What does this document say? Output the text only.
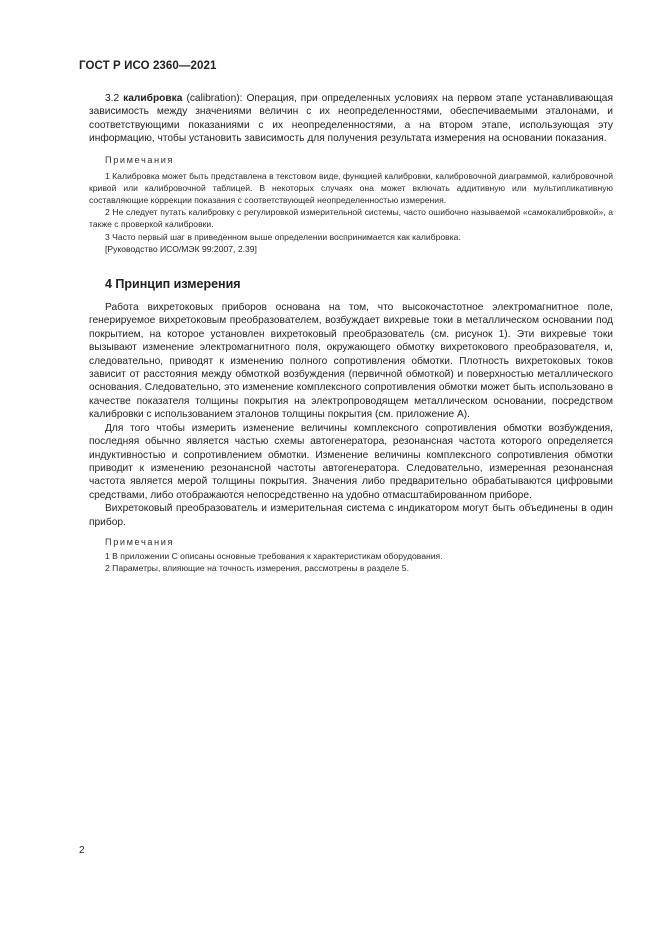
ГОСТ Р ИСО 2360—2021

3.2 калибровка (calibration): Операция, при определенных условиях на первом этапе устанавливающая зависимость между значениями величин с их неопределенностями, обеспечиваемыми эталонами, и соответствующими показаниями с их неопределенностями, а на втором этапе, использующая эту информацию, чтобы установить зависимость для получения результата измерения на основании показания.

Примечания

1 Калибровка может быть представлена в текстовом виде, функцией калибровки, калибровочной диаграммой, калибровочной кривой или калибровочной таблицей. В некоторых случаях она может включать аддитивную или мультипликативную составляющие коррекции показания с соответствующей неопределенностью измерения.

2 Не следует путать калибровку с регулировкой измерительной системы, часто ошибочно называемой «самокалибровкой», а также с проверкой калибровки.

3 Часто первый шаг в приведенном выше определении воспринимается как калибровка.

[Руководство ИСО/МЭК 99:2007, 2.39]

4 Принцип измерения

Работа вихретоковых приборов основана на том, что высокочастотное электромагнитное поле, генерируемое вихретоковым преобразователем, возбуждает вихревые токи в металлическом основании под покрытием, на которое установлен вихретоковый преобразователь (см. рисунок 1). Эти вихревые токи вызывают изменение электромагнитного поля, окружающего обмотку вихретокового преобразователя, и, следовательно, приводят к изменению полного сопротивления обмотки. Плотность вихретоковых токов зависит от расстояния между обмоткой возбуждения (первичной обмоткой) и поверхностью металлического основания. Следовательно, это изменение комплексного сопротивления обмотки может быть использовано в качестве показателя толщины покрытия на электропроводящем металлическом основании, посредством калибровки с использованием эталонов толщины покрытия (см. приложение А).

Для того чтобы измерить изменение величины комплексного сопротивления обмотки возбуждения, последняя обычно является частью схемы автогенератора, резонансная частота которого определяется индуктивностью и сопротивлением обмотки. Изменение величины комплексного сопротивления обмотки приводит к изменению резонансной частоты автогенератора. Следовательно, измеренная резонансная частота является мерой толщины покрытия. Значения либо предварительно обрабатываются цифровыми средствами, либо отображаются непосредственно на удобно отмасштабированном приборе.

Вихретоковый преобразователь и измерительная система с индикатором могут быть объединены в один прибор.

Примечания

1 В приложении С описаны основные требования к характеристикам оборудования.

2 Параметры, влияющие на точность измерения, рассмотрены в разделе 5.

2
